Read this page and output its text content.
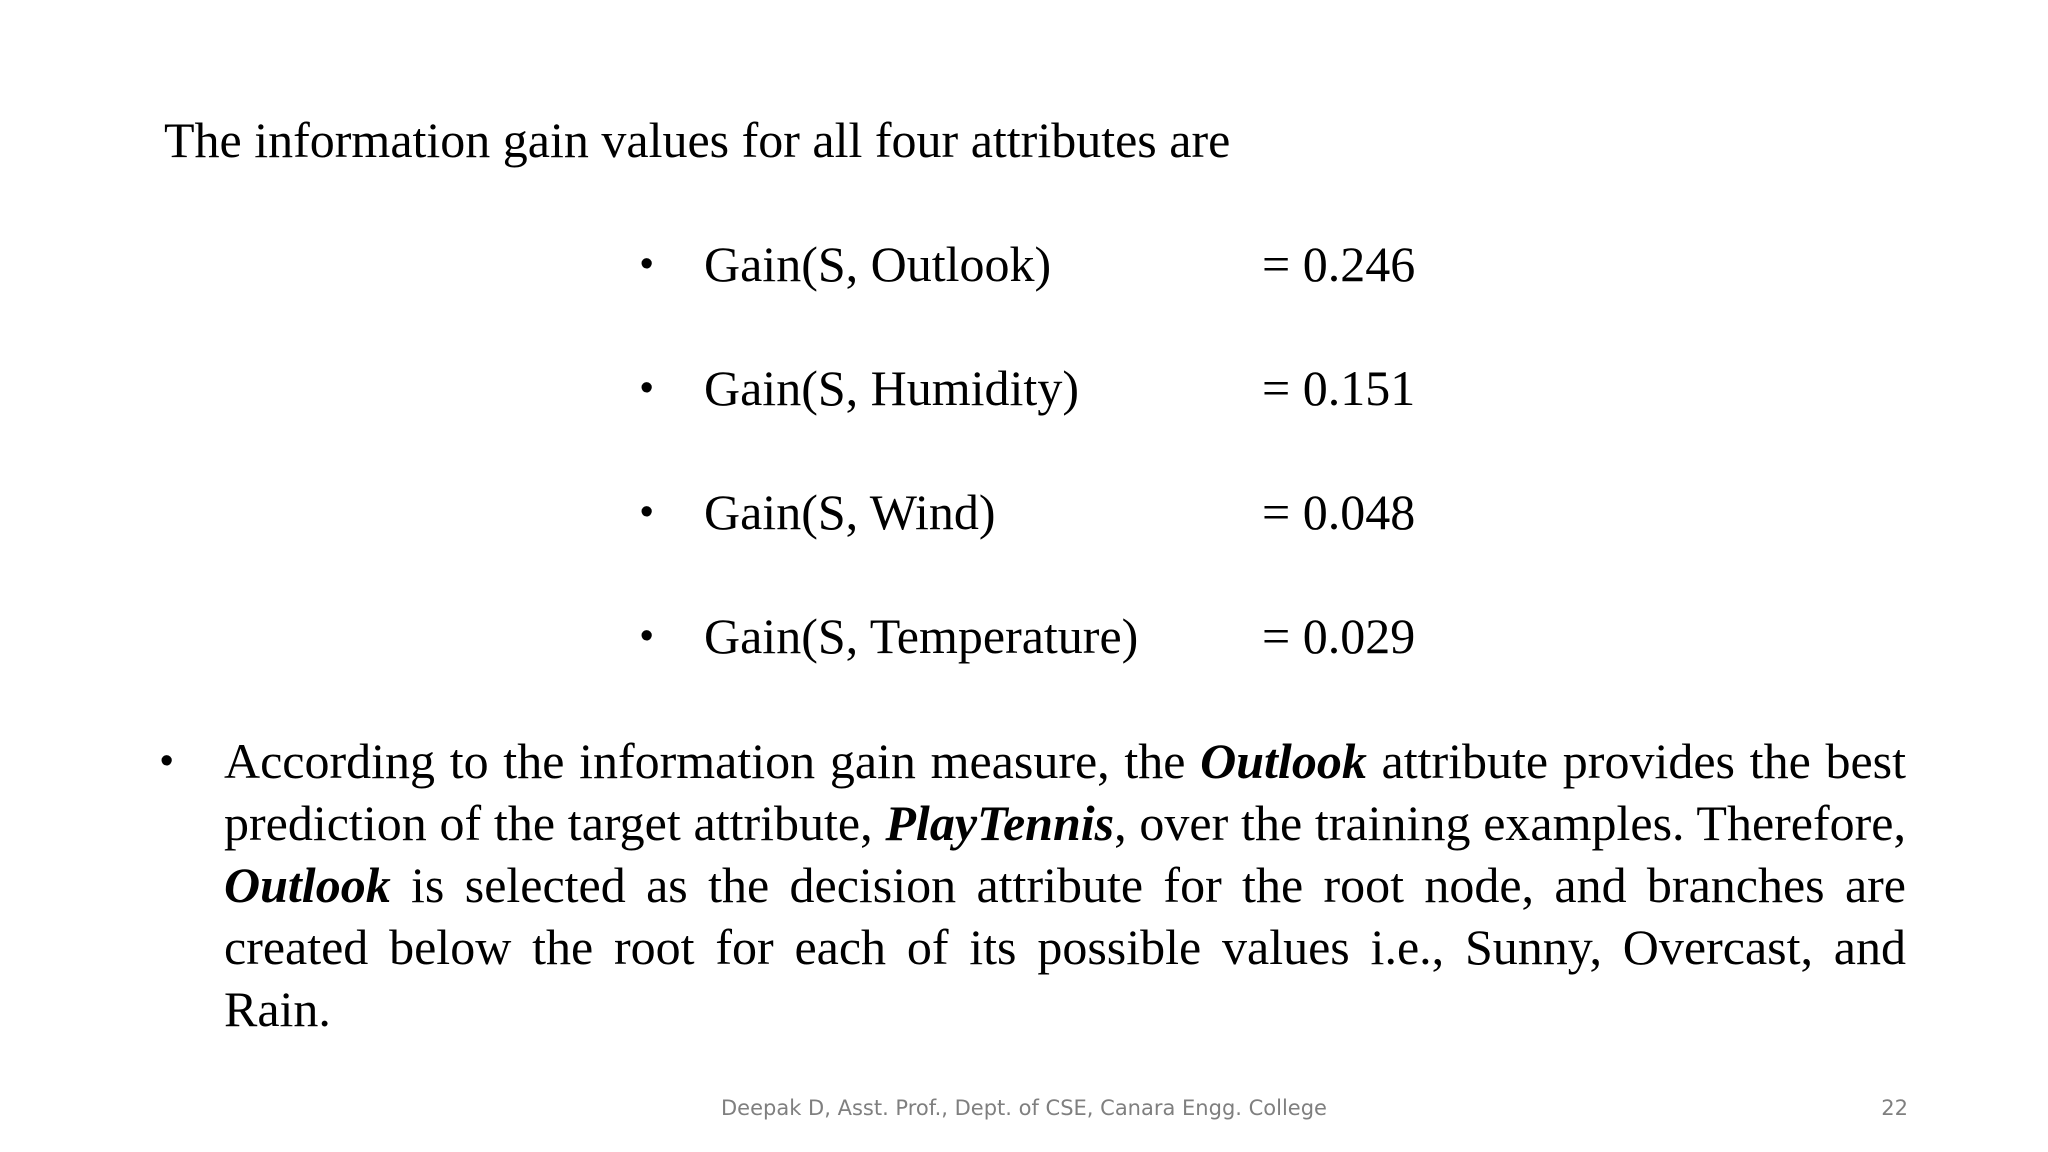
The information gain values for all four attributes are

• Gain(S, Outlook)	= 0.246
• Gain(S, Humidity)	= 0.151
• Gain(S, Wind)	= 0.048
• Gain(S, Temperature) = 0.029
• According to the information gain measure, the Outlook attribute provides the best prediction of the target attribute, PlayTennis, over the training examples. Therefore, Outlook is selected as the decision attribute for the root node, and branches are created below the root for each of its possible values i.e., Sunny, Overcast, and Rain.

Deepak D, Asst. Prof., Dept. of CSE, Canara Engg. College	22
